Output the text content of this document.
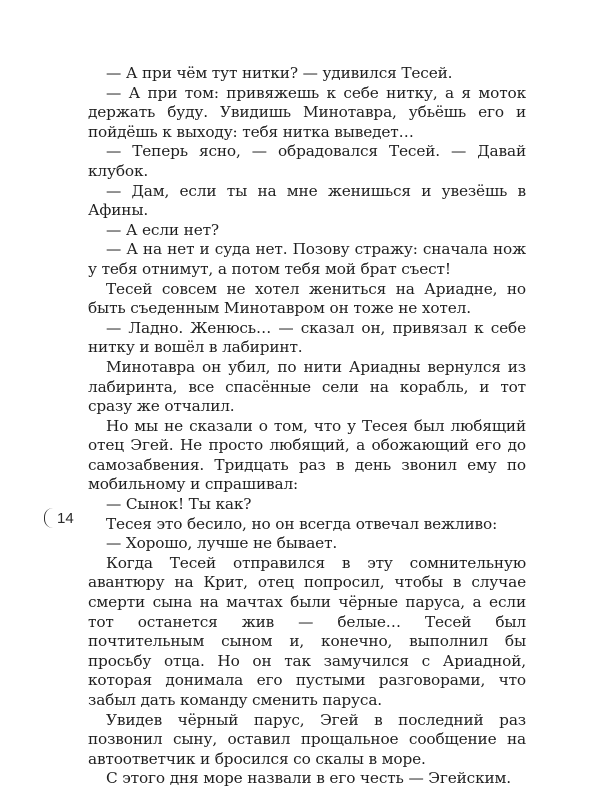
— А при чём тут нитки? — удивился Тесей.

— А при том: привяжешь к себе нитку, а я моток держать буду. Увидишь Минотавра, убьёшь его и пойдёшь к выходу: тебя нитка выведет…

— Теперь ясно, — обрадовался Тесей. — Давай клубок.

— Дам, если ты на мне женишься и увезёшь в Афины.

— А если нет?

— А на нет и суда нет. Позову стражу: сначала нож у тебя отнимут, а потом тебя мой брат съест!

Тесей совсем не хотел жениться на Ариадне, но быть съеденным Минотавром он тоже не хотел.

— Ладно. Женюсь… — сказал он, привязал к себе нитку и вошёл в лабиринт.

Минотавра он убил, по нити Ариадны вернулся из лабиринта, все спасённые сели на корабль, и тот сразу же отчалил.

Но мы не сказали о том, что у Тесея был любящий отец Эгей. Не просто любящий, а обожающий его до самозабвения. Тридцать раз в день звонил ему по мобильному и спрашивал:

— Сынок! Ты как?

Тесея это бесило, но он всегда отвечал вежливо:

— Хорошо, лучше не бывает.

Когда Тесей отправился в эту сомнительную авантюру на Крит, отец попросил, чтобы в случае смерти сына на мачтах были чёрные паруса, а если тот останется жив — белые… Тесей был почтительным сыном и, конечно, выполнил бы просьбу отца. Но он так замучился с Ариадной, которая донимала его пустыми разговорами, что забыл дать команду сменить паруса.

Увидев чёрный парус, Эгей в последний раз позвонил сыну, оставил прощальное сообщение на автоответчик и бросился со скалы в море.

С этого дня море назвали в его честь — Эгейским.

14
